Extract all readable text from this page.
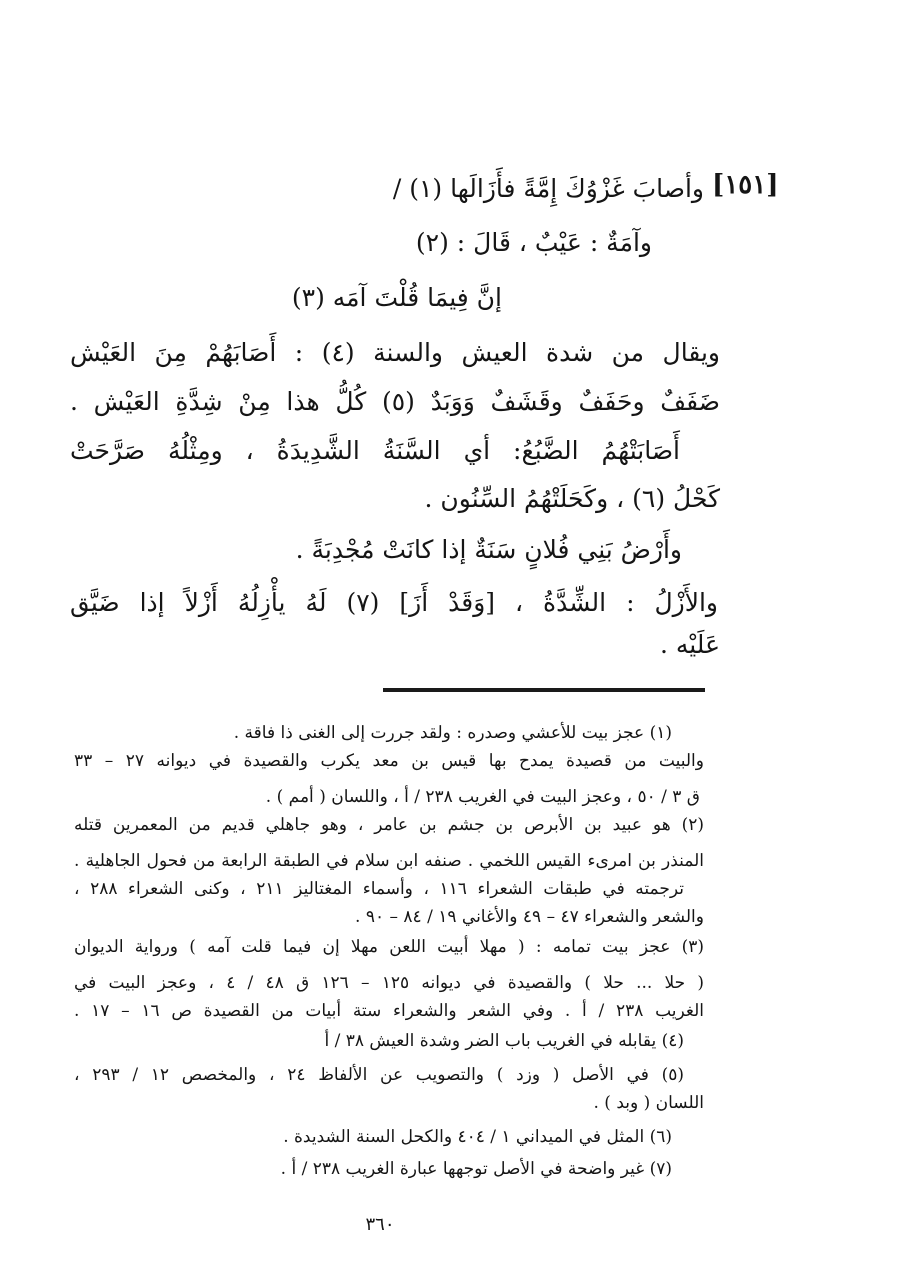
[١٥١]
وأصابَ غَزْوُكَ إِمَّةً فأَزَالَها (١) /
وآمَةٌ : عَيْبٌ ، قَالَ : (٢)
إنَّ فِيمَا قُلْتَ آمَه (٣)
ويقال من شدة العيش والسنة (٤) : أَصَابَهُمْ مِنَ العَيْش
ضَفَفٌ وحَفَفٌ وقَشَفٌ وَوَبَدٌ (٥) كُلُّ هذا مِنْ شِدَّةِ العَيْش .
أَصَابَتْهُمُ الضَّبُعُ: أي السَّنَةُ الشَّدِيدَةُ ، ومِثْلُهُ صَرَّحَتْ
كَحْلُ (٦) ، وكَحَلَتْهُمُ السِّنُون .
وأَرْضُ بَنِي فُلانٍ سَنَةٌ إذا كانَتْ مُجْدِبَةً .
والأَزْلُ : الشِّدَّةُ ، [وَقَدْ أَزَ] (٧) لَهُ يأْزِلُهُ أَزْلاً إذا ضَيَّق
عَلَيْه .
(١) عجز بيت للأعشي وصدره : ولقد جررت إلى الغنى ذا فاقة .
والبيت من قصيدة يمدح بها قيس بن معد يكرب والقصيدة في ديوانه ٢٧ – ٣٣
ق ٣ / ٥٠ ، وعجز البيت في الغريب ٢٣٨ / أ ، واللسان ( أمم ) .
(٢) هو عبيد بن الأبرص بن جشم بن عامر ، وهو جاهلي قديم من المعمرين قتله
المنذر بن امرىء القيس اللخمي . صنفه ابن سلام في الطبقة الرابعة من فحول الجاهلية .
ترجمته في طبقات الشعراء ١١٦ ، وأسماء المغتاليز ٢١١ ، وكنى الشعراء ٢٨٨ ،
والشعر والشعراء ٤٧ – ٤٩ والأغاني ١٩ / ٨٤ – ٩٠ .
(٣) عجز بيت تمامه : ( مهلا أبيت اللعن مهلا إن فيما قلت آمه ) ورواية الديوان
( حلا ... حلا ) والقصيدة في ديوانه ١٢٥ – ١٢٦ ق ٤٨ / ٤ ، وعجز البيت في
الغريب ٢٣٨ / أ . وفي الشعر والشعراء ستة أبيات من القصيدة ص ١٦ – ١٧ .
(٤) يقابله في الغريب باب الضر وشدة العيش ٣٨ / أ
(٥) في الأصل ( وزد ) والتصويب عن الألفاظ ٢٤ ، والمخصص ١٢ / ٢٩٣ ،
اللسان ( وبد ) .
(٦) المثل في الميداني ١ / ٤٠٤ والكحل السنة الشديدة .
(٧) غير واضحة في الأصل توجهها عبارة الغريب ٢٣٨ / أ .
٣٦٠
